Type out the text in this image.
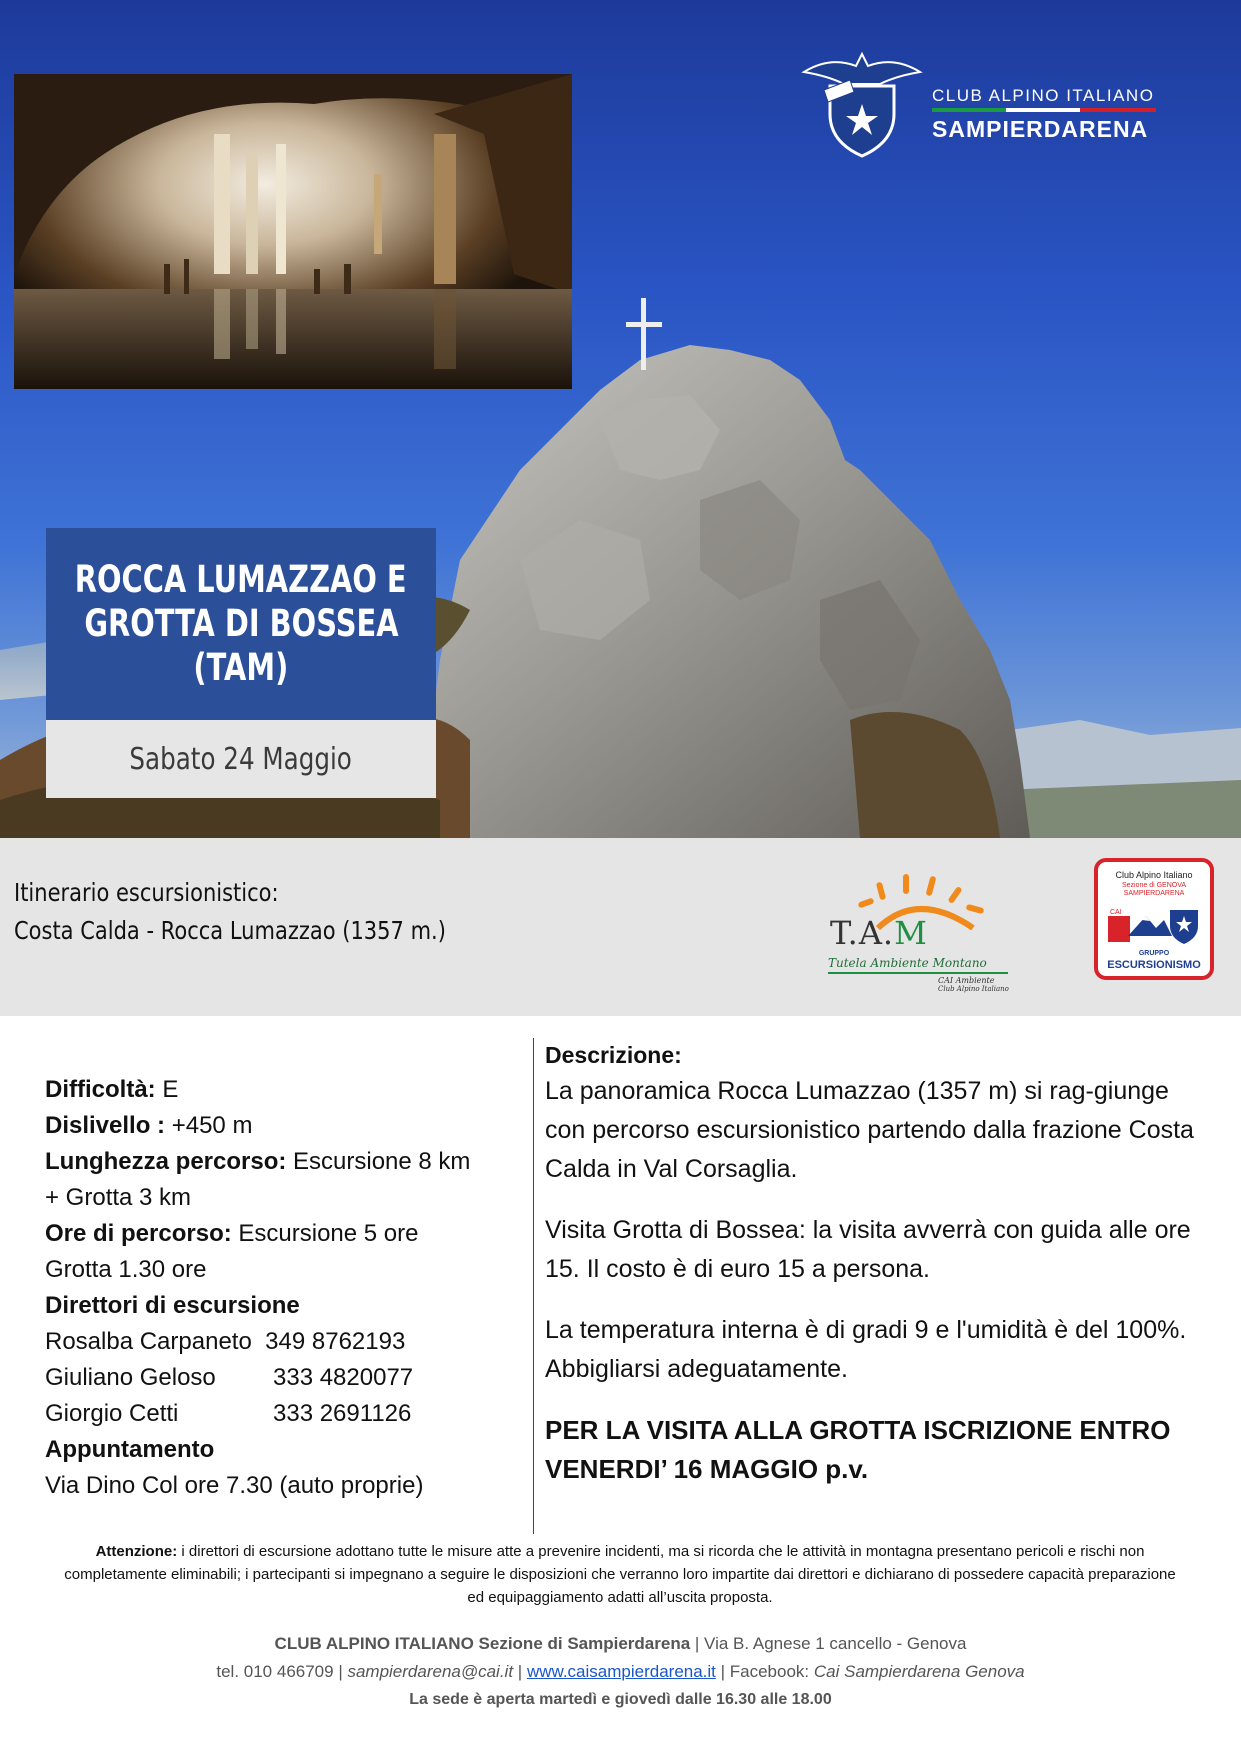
CLUB ALPINO ITALIANO
SAMPIERDARENA
ROCCA LUMAZZAO E
GROTTA DI BOSSEA
(TAM)
Sabato 24 Maggio
Itinerario escursionistico:
Costa Calda - Rocca Lumazzao (1357 m.)	T.A.M
Tutela Ambiente Montano
CAI Ambiente
Club Alpino Italiano
Club Alpino Italiano
Sezione di GENOVA
SAMPIERDARENA
CAI
GRUPPO
ESCURSIONISMO

Difficoltà: E

Dislivello : +450 m

Lunghezza percorso: Escursione 8 km

+ Grotta 3 km

Ore di percorso: Escursione 5 ore

Grotta 1.30 ore

Direttori di escursione

Rosalba Carpaneto 349 8762193

Giuliano Geloso 333 4820077

Giorgio Cetti	333 2691126

Appuntamento

Via Dino Col ore 7.30 (auto proprie)

Descrizione:

La panoramica Rocca Lumazzao (1357 m) si rag-giunge con percorso escursionistico partendo dalla frazione Costa Calda in Val Corsaglia.

Visita Grotta di Bossea: la visita avverrà con guida alle ore 15. Il costo è di euro 15 a persona.

La temperatura interna è di gradi 9 e l'umidità è del 100%. Abbigliarsi adeguatamente.

PER LA VISITA ALLA GROTTA ISCRIZIONE ENTRO VENERDI’ 16 MAGGIO p.v.
Attenzione: i direttori di escursione adottano tutte le misure atte a prevenire incidenti, ma si ricorda che le attività in montagna presentano pericoli e rischi non completamente eliminabili; i partecipanti si impegnano a seguire le disposizioni che verranno loro impartite dai direttori e dichiarano di possedere capacità preparazione ed equipaggiamento adatti all’uscita proposta.
CLUB ALPINO ITALIANO Sezione di Sampierdarena | Via B. Agnese 1 cancello - Genova
tel. 010 466709 | sampierdarena@cai.it | www.caisampierdarena.it | Facebook: Cai Sampierdarena Genova
La sede è aperta martedì e giovedì dalle 16.30 alle 18.00
